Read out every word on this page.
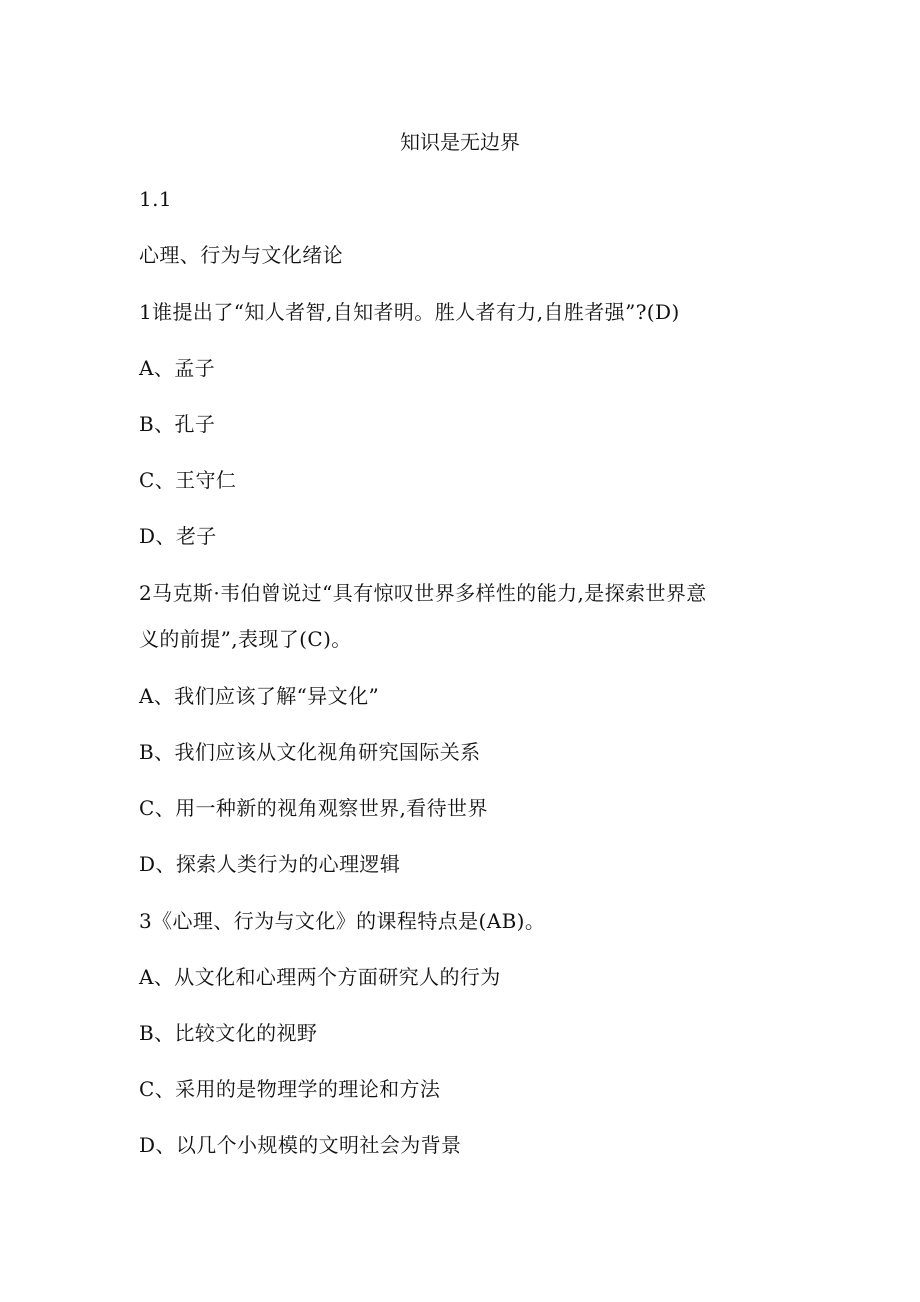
知识是无边界
1.1
心理、行为与文化绪论
1谁提出了“知人者智,自知者明。胜人者有力,自胜者强”?(D)
A、孟子
B、孔子
C、王守仁
D、老子
2马克斯·韦伯曾说过“具有惊叹世界多样性的能力,是探索世界意
义的前提”,表现了(C)。
A、我们应该了解“异文化”
B、我们应该从文化视角研究国际关系
C、用一种新的视角观察世界,看待世界
D、探索人类行为的心理逻辑
3《心理、行为与文化》的课程特点是(AB)。
A、从文化和心理两个方面研究人的行为
B、比较文化的视野
C、采用的是物理学的理论和方法
D、以几个小规模的文明社会为背景
